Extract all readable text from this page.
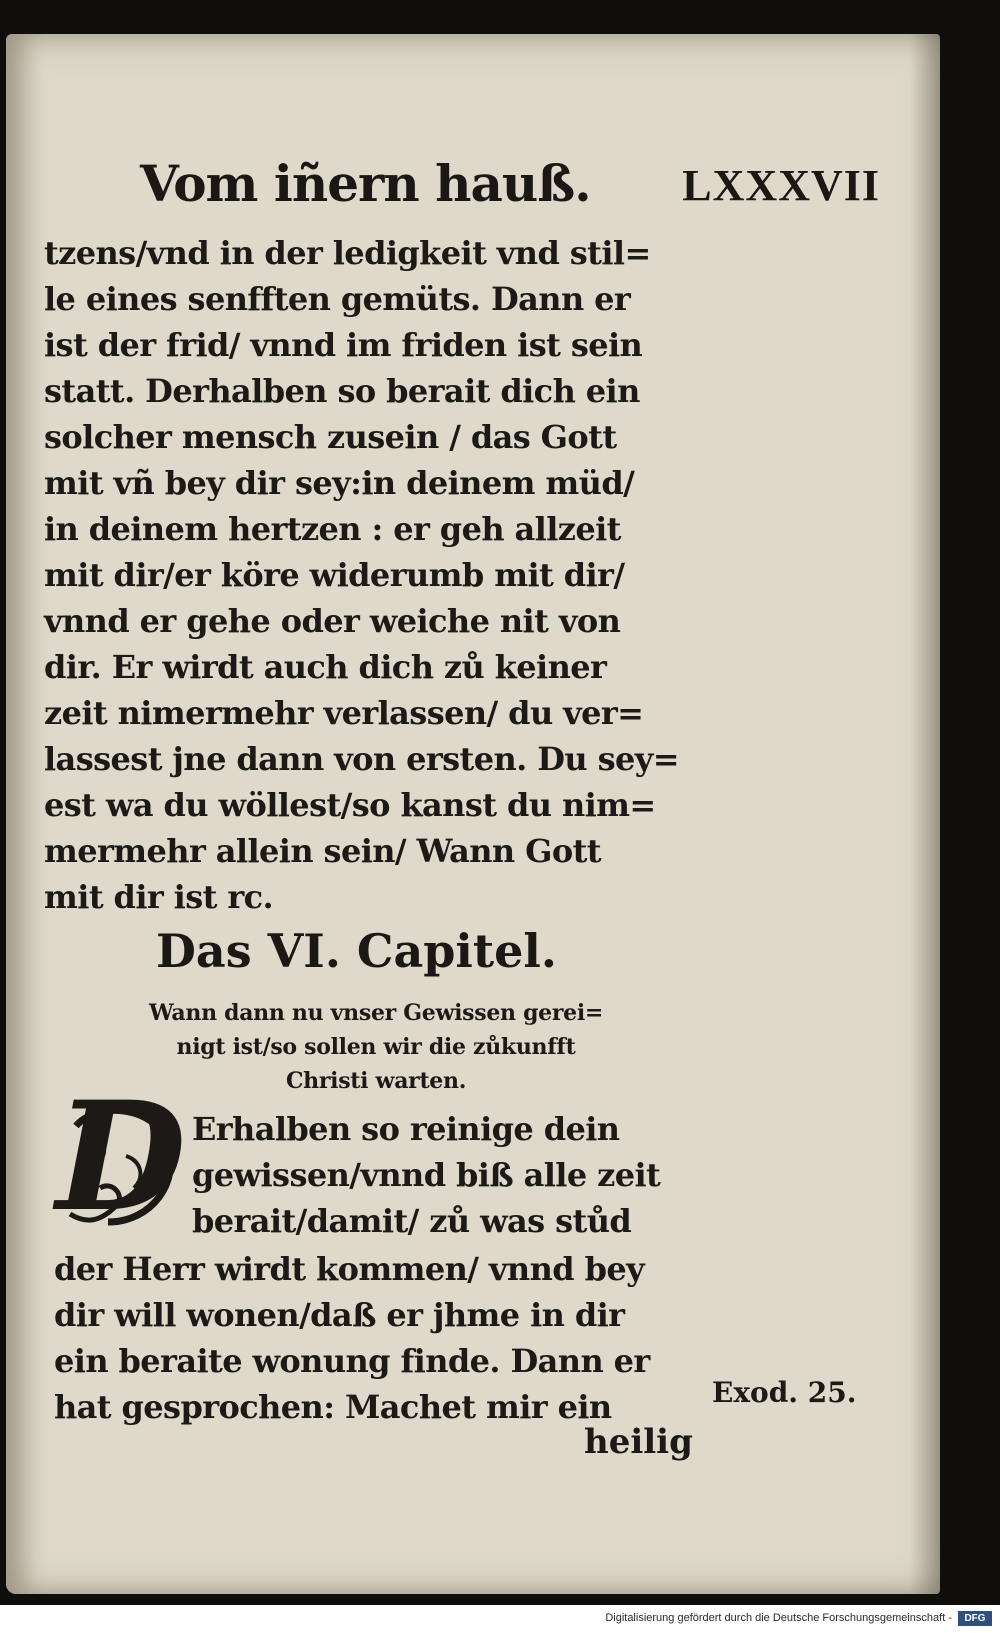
Vom iñern hauß. LXXXVII
tzens/vnd in der ledigkeit vnd stil=
le eines senfften gemüts. Dann er
ist der frid/ vnnd im friden ist sein
statt. Derhalben so berait dich ein
solcher mensch zusein / das Gott
mit vñ bey dir sey:in deinem müd/
in deinem hertzen : er geh allzeit
mit dir/er köre widerumb mit dir/
vnnd er gehe oder weiche nit von
dir. Er wirdt auch dich zů keiner
zeit nimermehr verlassen/ du ver=
lassest jne dann von ersten. Du sey=
est wa du wöllest/so kanst du nim=
mermehr allein sein/ Wann Gott
mit dir ist rc.
Das VI. Capitel.
Wann dann nu vnser Gewissen gerei=
nigt ist/so sollen wir die zůkunfft
Christi warten.
D Erhalben so reinige dein
gewissen/vnnd biß alle zeit
berait/damit/ zů was stůd
der Herr wirdt kommen/ vnnd bey
dir will wonen/daß er jhme in dir
ein beraite wonung finde. Dann er
hat gesprochen: Machet mir ein	Exod. 25.
heilig
Digitalisierung gefördert durch die Deutsche Forschungsgemeinschaft -	DFG
